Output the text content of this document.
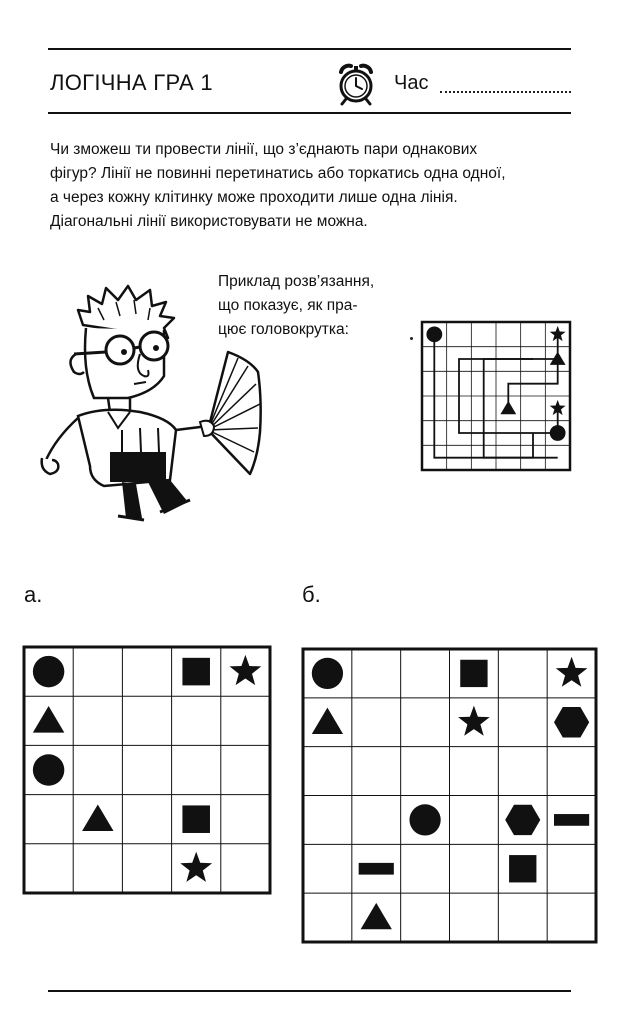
ЛОГІЧНА ГРА 1	Час
Чи зможеш ти провести лінії, що з’єднають пари однакових
фігур? Лінії не повинні перетинатись або торкатись одна одної,
а через кожну клітинку може проходити лише одна лінія.
Діагональні лінії використовувати не можна.
Приклад розв’язання,
що показує, як пра-
цює головокрутка:
а.	б.
